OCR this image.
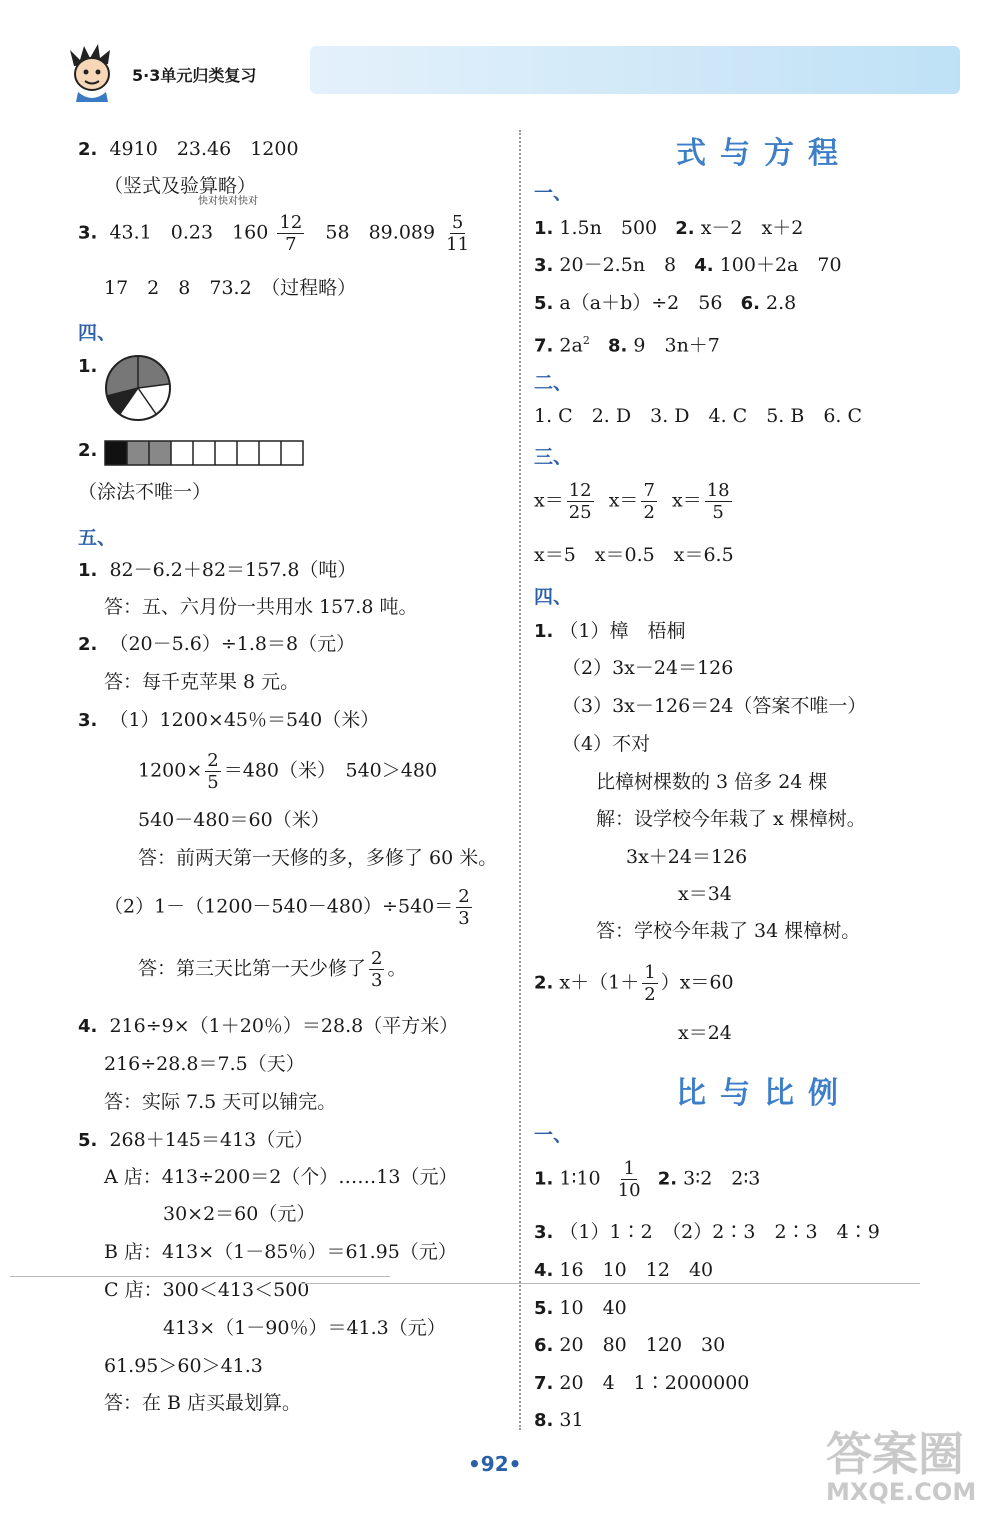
5·3单元归类复习
2. 4910　23.46　1200
（竖式及验算略）
快对快对快对
3. 43.1　0.23　$160 \frac{12}{7} 58$　$89.089 \frac{5}{11}$
17　2　8　73.2　（过程略）
四、
1.
2.
（涂法不唯一）
五、
1. 82－6.2＋82＝157.8（吨）
答：五、六月份一共用水 157.8 吨。
2. （20－5.6）÷1.8＝8（元）
答：每千克苹果 8 元。
3. （1）1200×45％＝540（米）
$1200\times \frac{2}{5} =480$（米）　540＞480
540－480＝60（米）
答：前两天第一天修的多，多修了 60 米。
$(2)1-(1200-540-480)\div 540= \frac{2}{3}$
答：第三天比第一天少修了 $\frac{2}{3}$ 。
4. 216÷9×（1＋20％）＝28.8（平方米）
216÷28.8＝7.5（天）
答：实际 7.5 天可以铺完。
5. 268＋145＝413（元）
A 店：413÷200＝2（个）……13（元）
30×2＝60（元）
B 店：413×（1－85％）＝61.95（元）
C 店：300＜413＜500
413×（1－90％）＝41.3（元）
61.95＞60＞41.3
答：在 B 店买最划算。
式与方程
一、
1. 1.5n　500 2. x－2　x＋2
3. 20－2.5n　8 4. 100＋2a　70
5. a（a＋b）÷2　56 6. 2.8
7. $2a^2$ 8. 9　3n＋7
二、
1. C　2. D　3. D　4. C　5. B　6. C
三、
$x= \frac{12}{25} x= \frac{7}{2} x= \frac{18}{5}$
x＝5　x＝0.5　x＝6.5
四、
1. （1）樟　梧桐
（2）3x－24＝126
（3）3x－126＝24（答案不唯一）
（4）不对
比樟树棵数的 3 倍多 24 棵
解：设学校今年栽了 x 棵樟树。
3x＋24＝126
x＝34
答：学校今年栽了 34 棵樟树。
2. $x+(1+ \frac{1}{2} )x=60$
x＝24
比与比例
一、
1. 1∶10 $\frac{1}{10} 2$. 3∶2　2∶3
3. （1）1∶2　（2）2∶3　2∶3　4∶9
4. 16　10　12　40
5. 10　40
6. 20　80　120　30
7. 20　4　1∶2000000
8. 31
•92•	答案圈
MXQE.COM
